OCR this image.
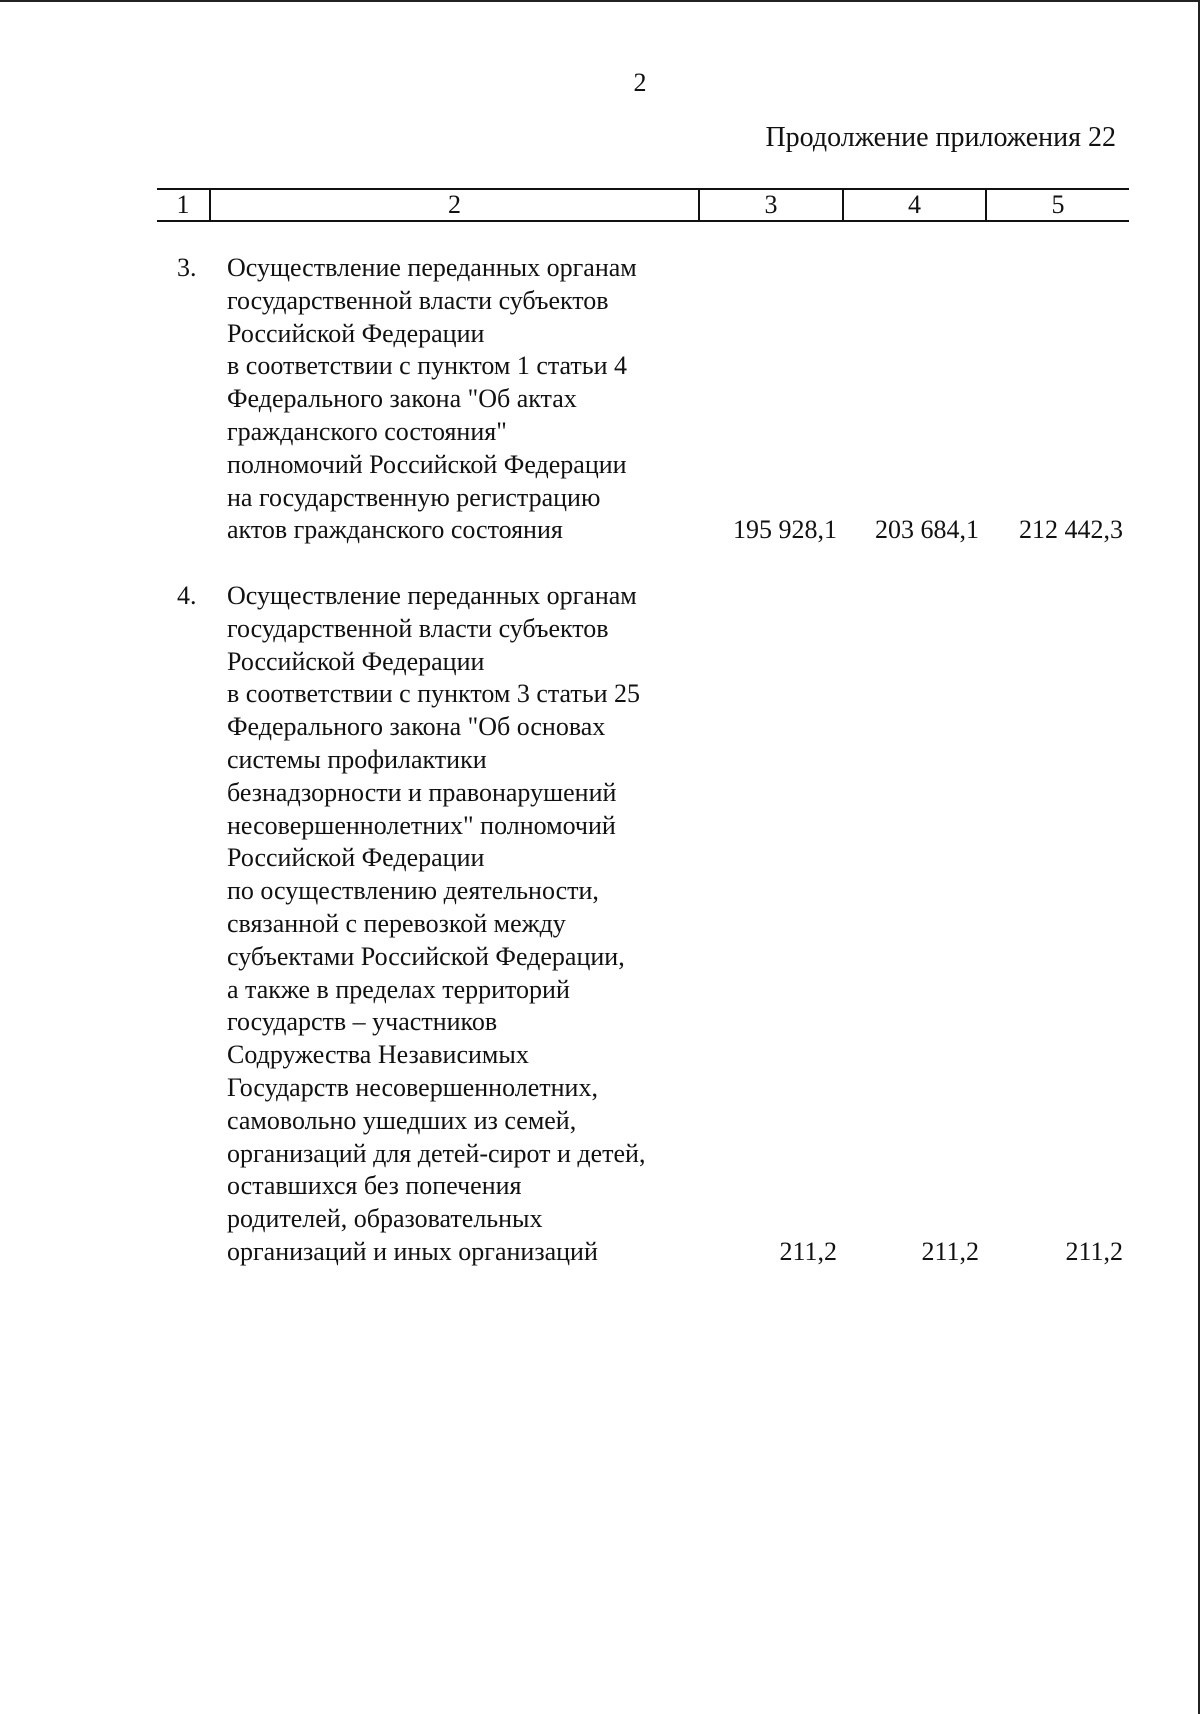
2
Продолжение приложения 22
1	2	3	4	5
3. Осуществление переданных органам
государственной власти субъектов
Российской Федерации
в соответствии с пунктом 1 статьи 4
Федерального закона "Об актах
гражданского состояния"
полномочий Российской Федерации
на государственную регистрацию
актов гражданского состояния	195 928,1	203 684,1	212 442,3
4. Осуществление переданных органам
государственной власти субъектов
Российской Федерации
в соответствии с пунктом 3 статьи 25
Федерального закона "Об основах
системы профилактики
безнадзорности и правонарушений
несовершеннолетних" полномочий
Российской Федерации
по осуществлению деятельности,
связанной с перевозкой между
субъектами Российской Федерации,
а также в пределах территорий
государств – участников
Содружества Независимых
Государств несовершеннолетних,
самовольно ушедших из семей,
организаций для детей-сирот и детей,
оставшихся без попечения
родителей, образовательных
организаций и иных организаций	211,2	211,2	211,2
